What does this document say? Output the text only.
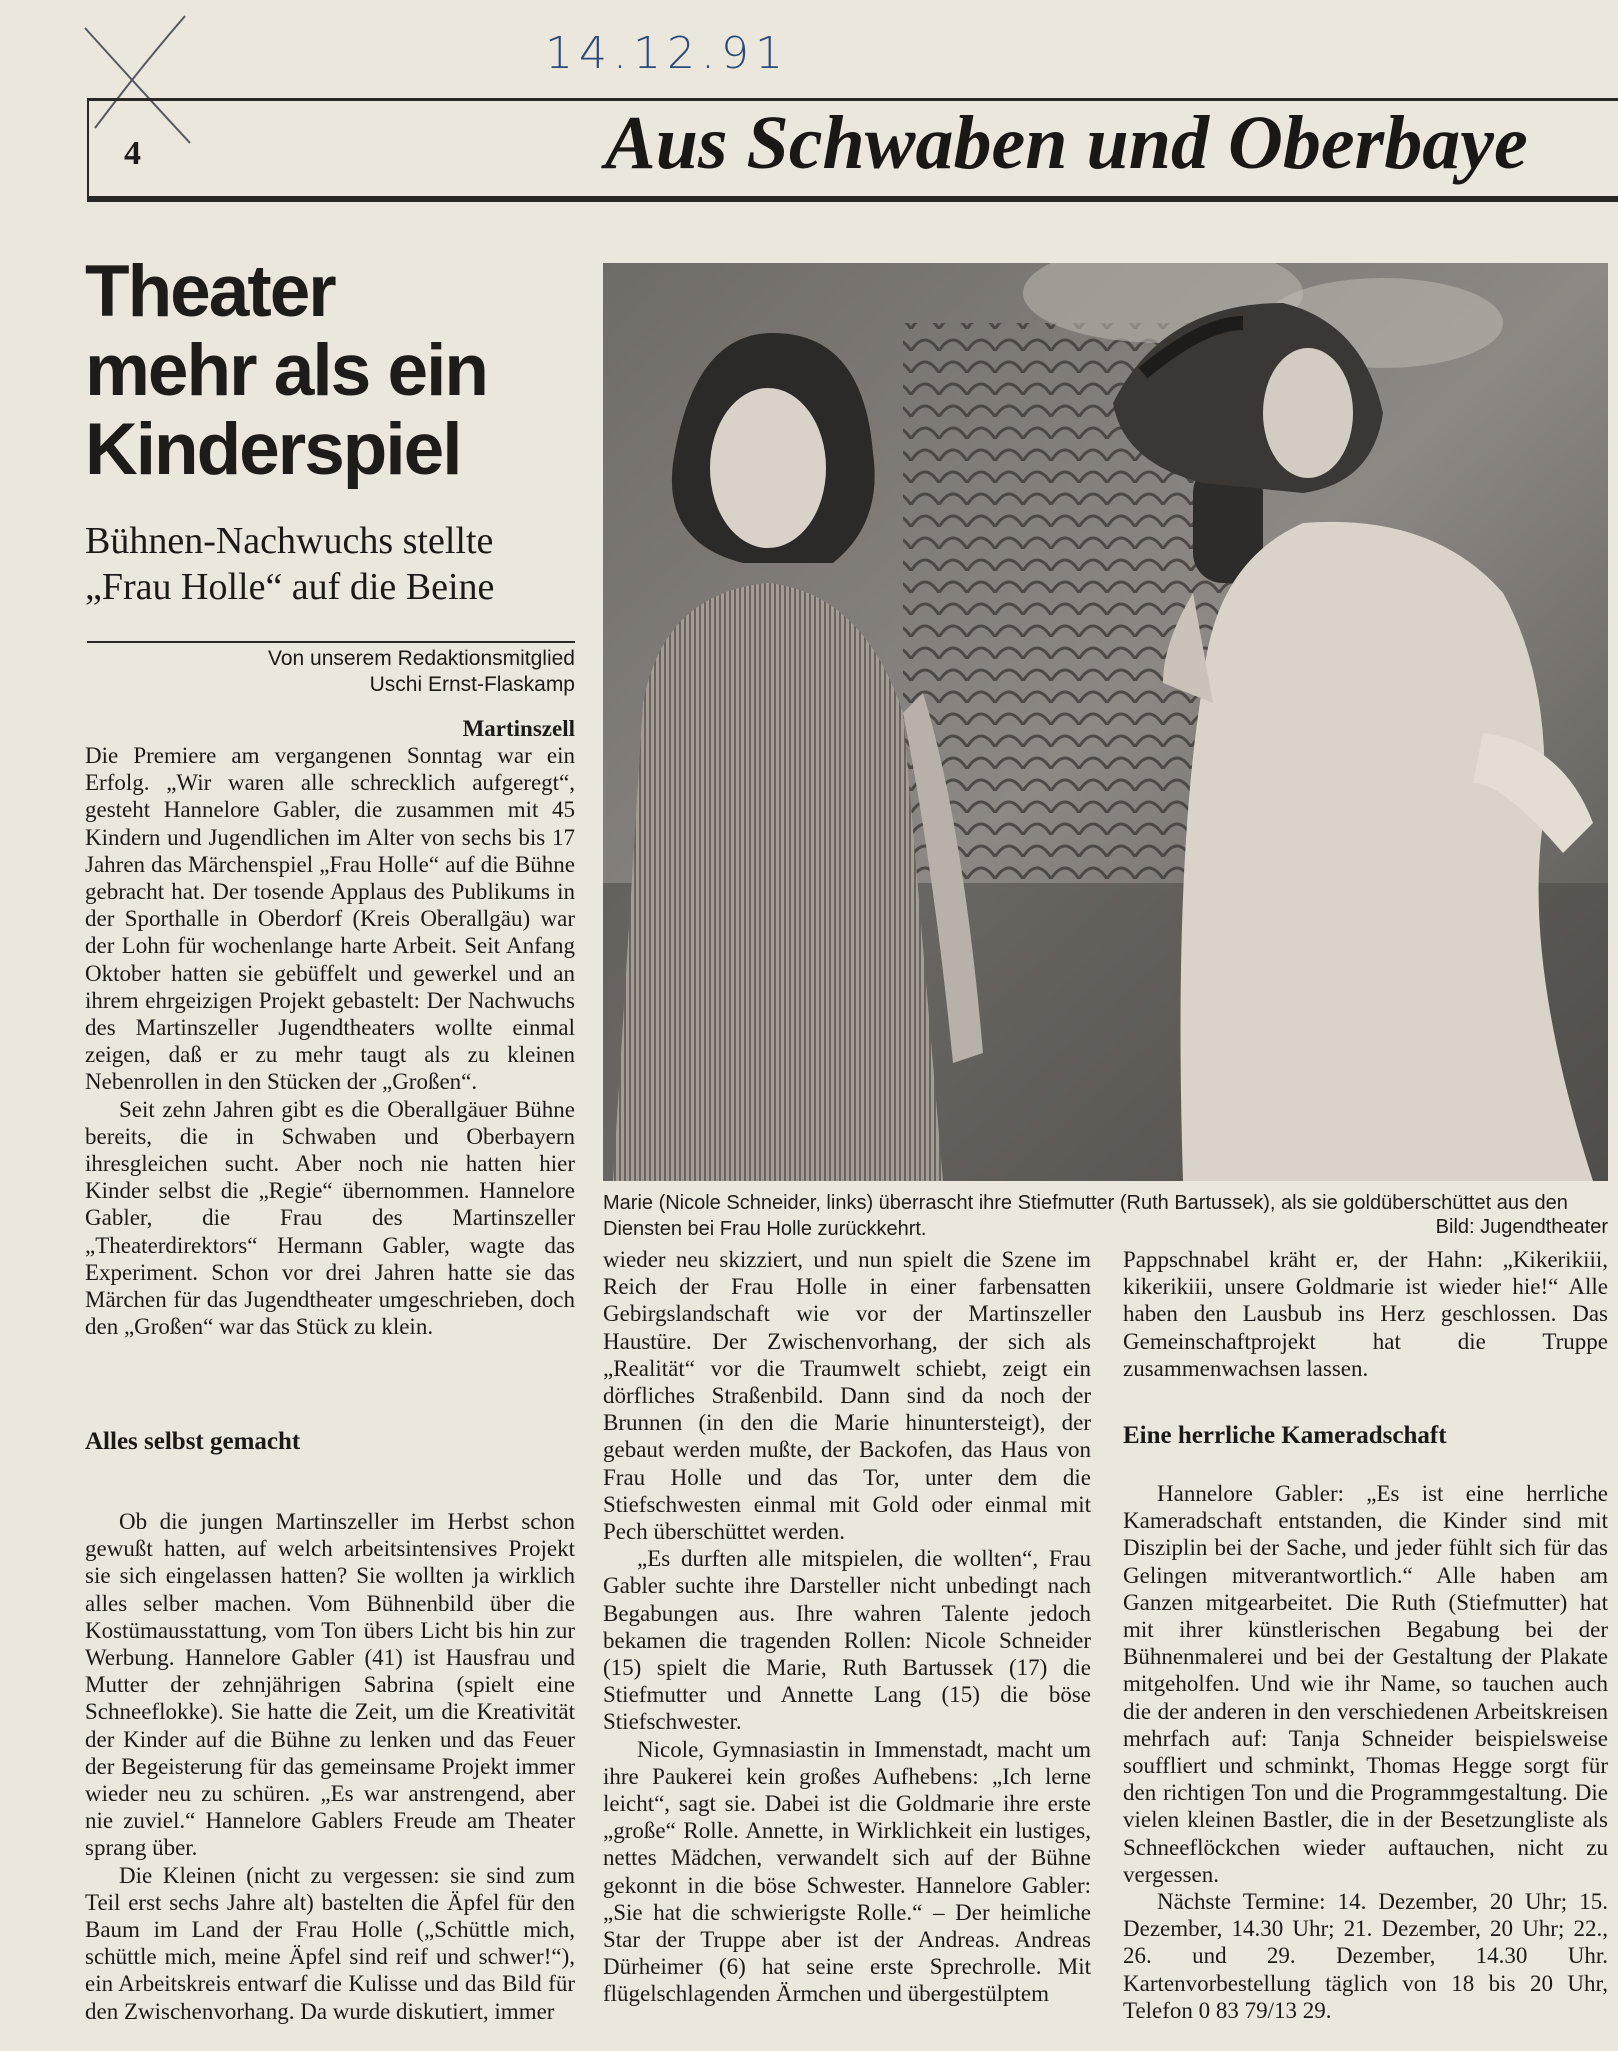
14.12.91
4	Aus Schwaben und Oberbaye
Theater
mehr als ein
Kinderspiel
Bühnen-Nachwuchs stellte
„Frau Holle“ auf die Beine
Von unserem Redaktionsmitglied
Uschi Ernst-Flaskamp
Martinszell

Die Premiere am vergangenen Sonntag war ein Erfolg. „Wir waren alle schrecklich aufgeregt“, gesteht Hannelore Gabler, die zusammen mit 45 Kindern und Jugendlichen im Alter von sechs bis 17 Jahren das Märchenspiel „Frau Holle“ auf die Bühne gebracht hat. Der tosende Applaus des Publikums in der Sporthalle in Oberdorf (Kreis Oberallgäu) war der Lohn für wochenlange harte Arbeit. Seit Anfang Oktober hatten sie gebüffelt und gewerkel und an ihrem ehrgeizigen Projekt gebastelt: Der Nachwuchs des Martinszeller Jugendtheaters wollte einmal zeigen, daß er zu mehr taugt als zu kleinen Nebenrollen in den Stücken der „Großen“.

Seit zehn Jahren gibt es die Oberallgäuer Bühne bereits, die in Schwaben und Oberbayern ihresgleichen sucht. Aber noch nie hatten hier Kinder selbst die „Regie“ übernommen. Hannelore Gabler, die Frau des Martinszeller „Theaterdirektors“ Hermann Gabler, wagte das Experiment. Schon vor drei Jahren hatte sie das Märchen für das Jugendtheater umgeschrieben, doch den „Großen“ war das Stück zu klein.

Alles selbst gemacht

Ob die jungen Martinszeller im Herbst schon gewußt hatten, auf welch arbeitsintensives Projekt sie sich eingelassen hatten? Sie wollten ja wirklich alles selber machen. Vom Bühnenbild über die Kostümausstattung, vom Ton übers Licht bis hin zur Werbung. Hannelore Gabler (41) ist Hausfrau und Mutter der zehnjährigen Sabrina (spielt eine Schneeflokke). Sie hatte die Zeit, um die Kreativität der Kinder auf die Bühne zu lenken und das Feuer der Begeisterung für das gemeinsame Projekt immer wieder neu zu schüren. „Es war anstrengend, aber nie zuviel.“ Hannelore Gablers Freude am Theater sprang über.

Die Kleinen (nicht zu vergessen: sie sind zum Teil erst sechs Jahre alt) bastelten die Äpfel für den Baum im Land der Frau Holle („Schüttle mich, schüttle mich, meine Äpfel sind reif und schwer!“), ein Arbeitskreis entwarf die Kulisse und das Bild für den Zwischenvorhang. Da wurde diskutiert, immer

Marie (Nicole Schneider, links) überrascht ihre Stiefmutter (Ruth Bartussek), als sie goldüberschüttet aus den Diensten bei Frau Holle zurückkehrt.	Bild: Jugendtheater

wieder neu skizziert, und nun spielt die Szene im Reich der Frau Holle in einer farbensatten Gebirgslandschaft wie vor der Martinszeller Haustüre. Der Zwischenvorhang, der sich als „Realität“ vor die Traumwelt schiebt, zeigt ein dörfliches Straßenbild. Dann sind da noch der Brunnen (in den die Marie hinuntersteigt), der gebaut werden mußte, der Backofen, das Haus von Frau Holle und das Tor, unter dem die Stiefschwesten einmal mit Gold oder einmal mit Pech überschüttet werden.

„Es durften alle mitspielen, die wollten“, Frau Gabler suchte ihre Darsteller nicht unbedingt nach Begabungen aus. Ihre wahren Talente jedoch bekamen die tragenden Rollen: Nicole Schneider (15) spielt die Marie, Ruth Bartussek (17) die Stiefmutter und Annette Lang (15) die böse Stiefschwester.

Nicole, Gymnasiastin in Immenstadt, macht um ihre Paukerei kein großes Aufhebens: „Ich lerne leicht“, sagt sie. Dabei ist die Goldmarie ihre erste „große“ Rolle. Annette, in Wirklichkeit ein lustiges, nettes Mädchen, verwandelt sich auf der Bühne gekonnt in die böse Schwester. Hannelore Gabler: „Sie hat die schwierigste Rolle.“ – Der heimliche Star der Truppe aber ist der Andreas. Andreas Dürheimer (6) hat seine erste Sprechrolle. Mit flügelschlagenden Ärmchen und übergestülptem

Pappschnabel kräht er, der Hahn: „Kikerikiii, kikerikiii, unsere Goldmarie ist wieder hie!“ Alle haben den Lausbub ins Herz geschlossen. Das Gemeinschaftprojekt hat die Truppe zusammenwachsen lassen.

Eine herrliche Kameradschaft

Hannelore Gabler: „Es ist eine herrliche Kameradschaft entstanden, die Kinder sind mit Disziplin bei der Sache, und jeder fühlt sich für das Gelingen mitverantwortlich.“ Alle haben am Ganzen mitgearbeitet. Die Ruth (Stiefmutter) hat mit ihrer künstlerischen Begabung bei der Bühnenmalerei und bei der Gestaltung der Plakate mitgeholfen. Und wie ihr Name, so tauchen auch die der anderen in den verschiedenen Arbeitskreisen mehrfach auf: Tanja Schneider beispielsweise souffliert und schminkt, Thomas Hegge sorgt für den richtigen Ton und die Programmgestaltung. Die vielen kleinen Bastler, die in der Besetzungliste als Schneeflöckchen wieder auftauchen, nicht zu vergessen.

Nächste Termine: 14. Dezember, 20 Uhr; 15. Dezember, 14.30 Uhr; 21. Dezember, 20 Uhr; 22., 26. und 29. Dezember, 14.30 Uhr. Kartenvorbestellung täglich von 18 bis 20 Uhr, Telefon 0 83 79/13 29.
